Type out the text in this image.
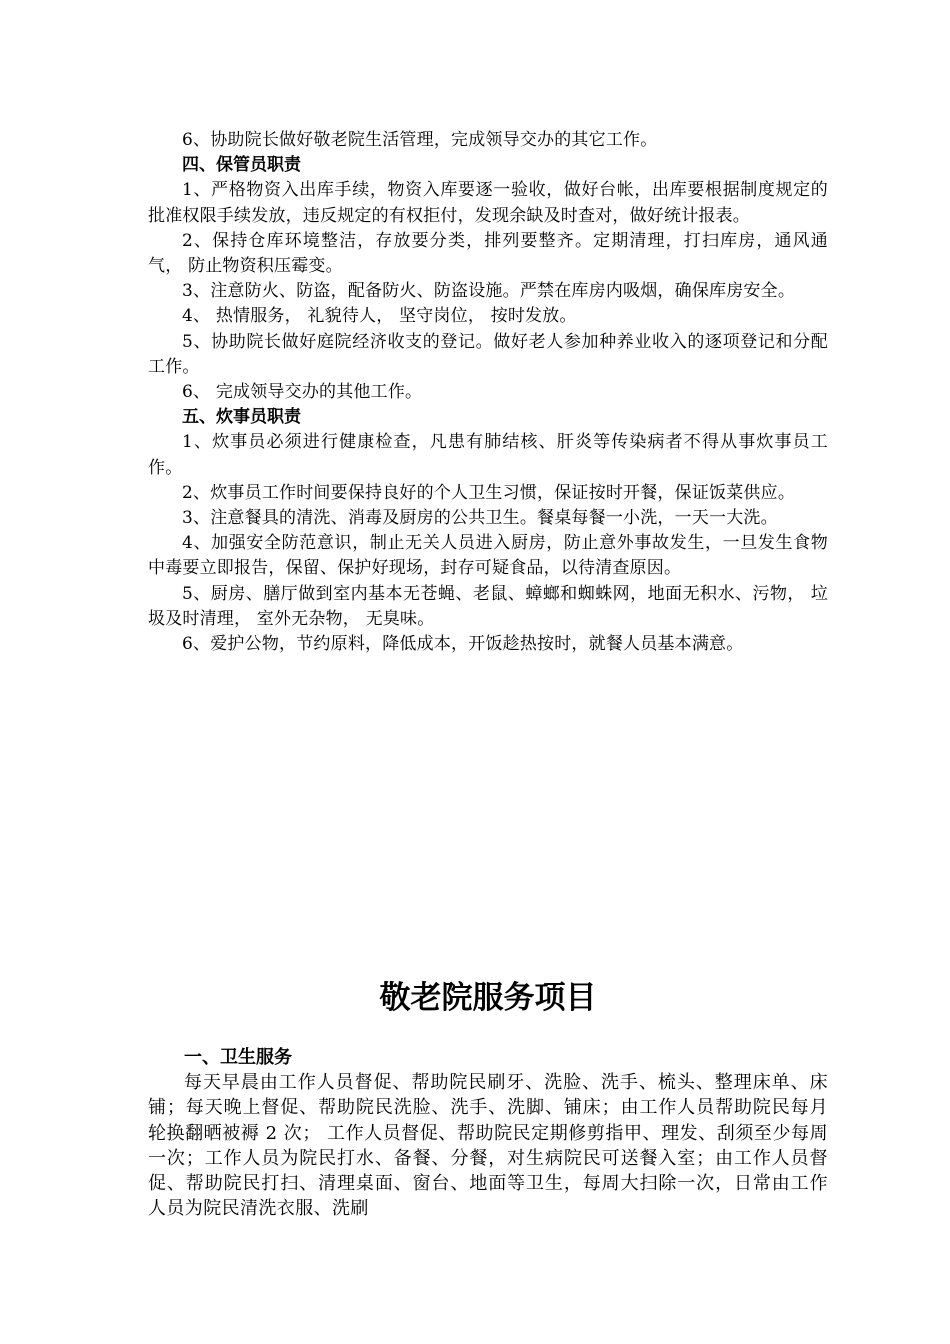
6、协助院长做好敬老院生活管理，完成领导交办的其它工作。

四、保管员职责

1、严格物资入出库手续，物资入库要逐一验收，做好台帐，出库要根据制度规定的批准权限手续发放，违反规定的有权拒付，发现余缺及时查对，做好统计报表。

2、保持仓库环境整洁，存放要分类，排列要整齐。定期清理，打扫库房，通风通气， 防止物资积压霉变。

3、注意防火、防盗，配备防火、防盗设施。严禁在库房内吸烟，确保库房安全。

4、 热情服务， 礼貌待人， 坚守岗位， 按时发放。

5、协助院长做好庭院经济收支的登记。做好老人参加种养业收入的逐项登记和分配工作。

6、 完成领导交办的其他工作。

五、炊事员职责

1、炊事员必须进行健康检查，凡患有肺结核、肝炎等传染病者不得从事炊事员工作。

2、炊事员工作时间要保持良好的个人卫生习惯，保证按时开餐，保证饭菜供应。

3、注意餐具的清洗、消毒及厨房的公共卫生。餐桌每餐一小洗，一天一大洗。

4、加强安全防范意识，制止无关人员进入厨房，防止意外事故发生，一旦发生食物中毒要立即报告，保留、保护好现场，封存可疑食品，以待清查原因。

5、厨房、膳厅做到室内基本无苍蝇、老鼠、蟑螂和蜘蛛网，地面无积水、污物， 垃圾及时清理， 室外无杂物， 无臭味。

6、爱护公物，节约原料，降低成本，开饭趁热按时，就餐人员基本满意。

敬老院服务项目

一、卫生服务

每天早晨由工作人员督促、帮助院民刷牙、洗脸、洗手、梳头、整理床单、床铺；每天晚上督促、帮助院民洗脸、洗手、洗脚、铺床；由工作人员帮助院民每月轮换翻晒被褥 2 次； 工作人员督促、帮助院民定期修剪指甲、理发、刮须至少每周一次；工作人员为院民打水、备餐、分餐，对生病院民可送餐入室；由工作人员督促、帮助院民打扫、清理桌面、窗台、地面等卫生，每周大扫除一次，日常由工作人员为院民清洗衣服、洗刷
